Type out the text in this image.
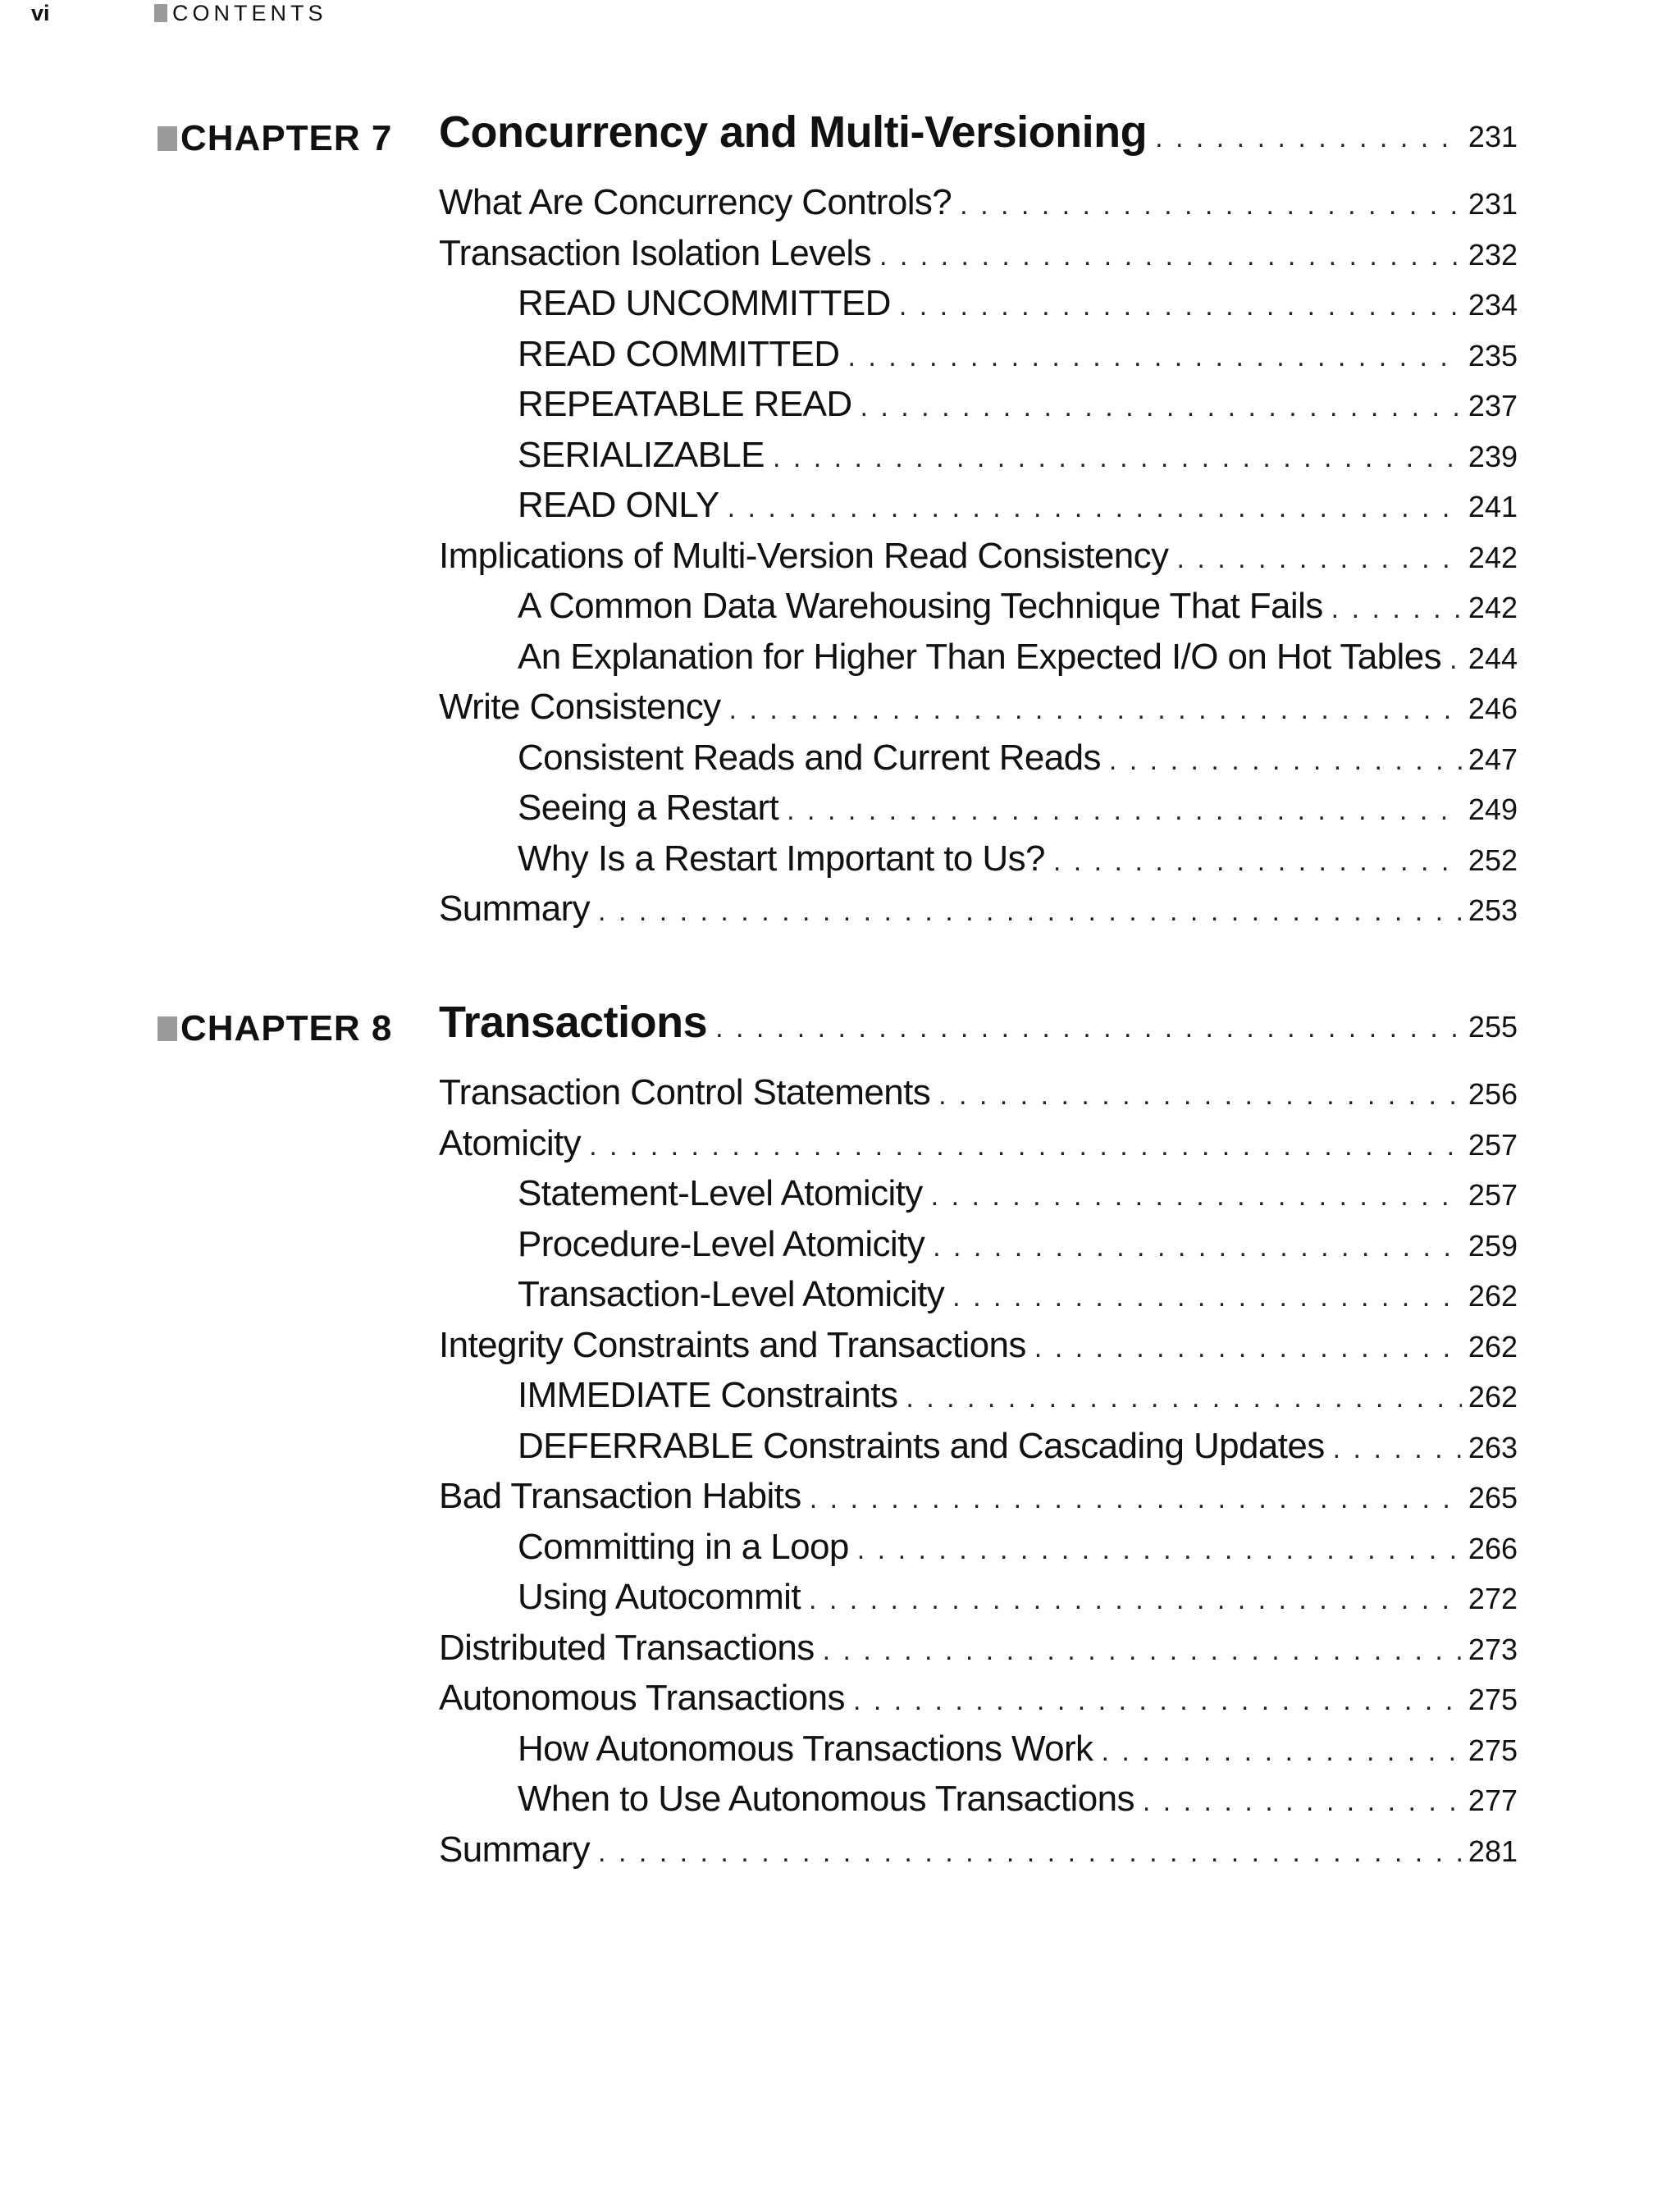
vi	CONTENTS
CHAPTER 7 Concurrency and Multi-Versioning . . .	231
What Are Concurrency Controls? . . .	231
Transaction Isolation Levels . . .	232
READ UNCOMMITTED . . .	234
READ COMMITTED . . .	235
REPEATABLE READ . . .	237
SERIALIZABLE . . .	239
READ ONLY . . .	241
Implications of Multi-Version Read Consistency . . .	242
A Common Data Warehousing Technique That Fails . . .	242
An Explanation for Higher Than Expected I/O on Hot Tables . . . 244
Write Consistency . . .	246
Consistent Reads and Current Reads . . .	247
Seeing a Restart . . .	249
Why Is a Restart Important to Us? . . .	252
Summary . . .	253
CHAPTER 8 Transactions . . .	255
Transaction Control Statements . . .	256
Atomicity . . .	257
Statement-Level Atomicity . . .	257
Procedure-Level Atomicity . . .	259
Transaction-Level Atomicity . . .	262
Integrity Constraints and Transactions . . .	262
IMMEDIATE Constraints . . .	262
DEFERRABLE Constraints and Cascading Updates . . .	263
Bad Transaction Habits . . .	265
Committing in a Loop . . .	266
Using Autocommit . . .	272
Distributed Transactions . . .	273
Autonomous Transactions . . .	275
How Autonomous Transactions Work . . .	275
When to Use Autonomous Transactions . . .	277
Summary . . .	281
